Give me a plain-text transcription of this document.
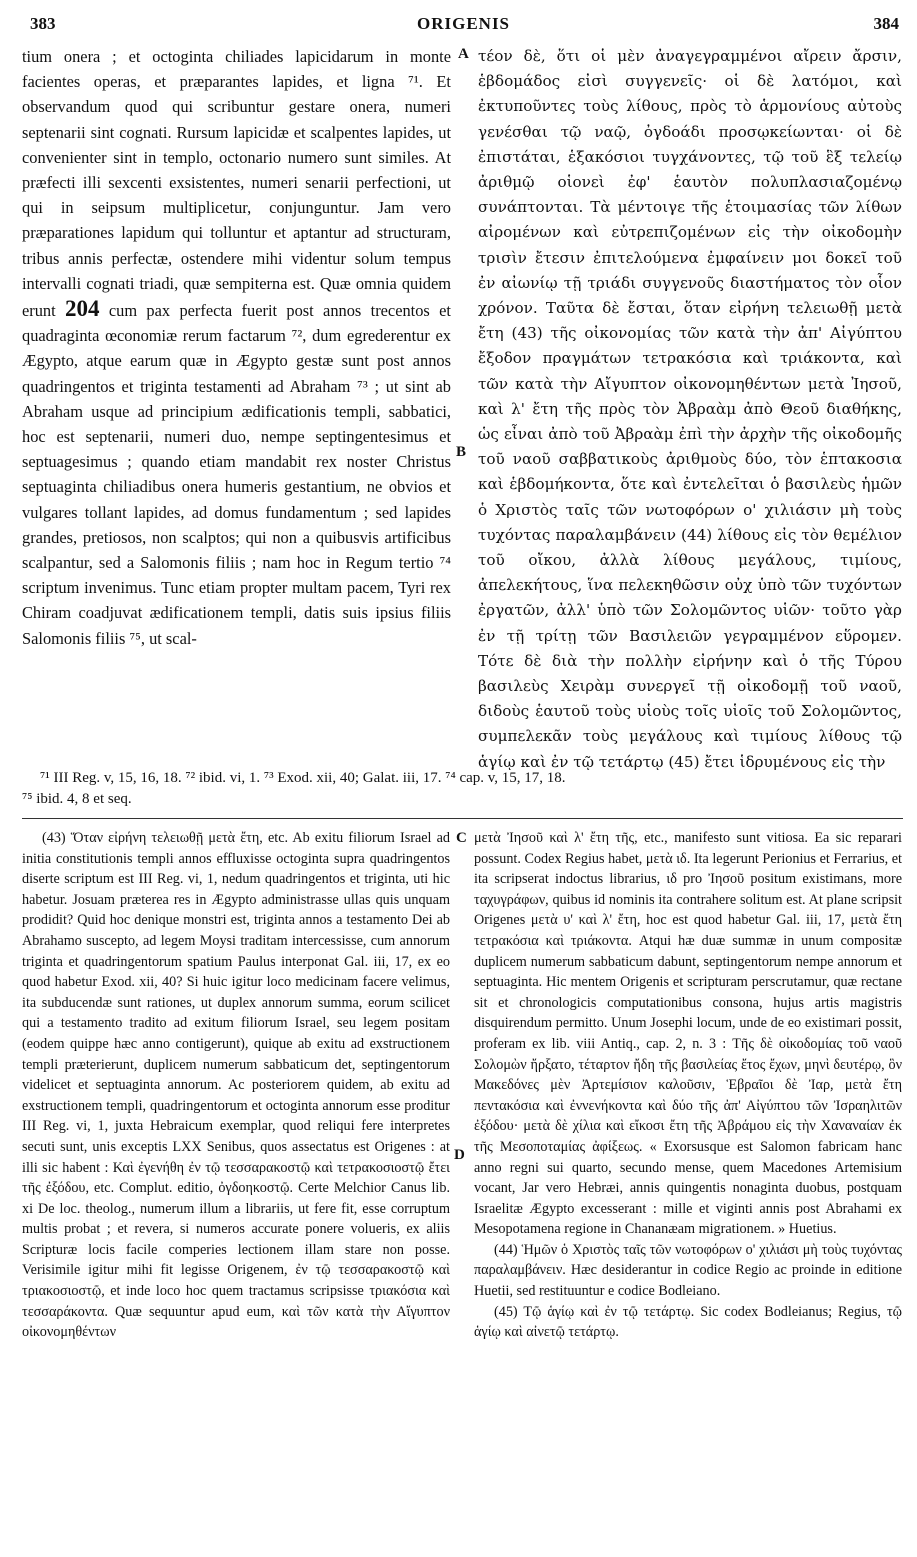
383	ORIGENIS	384

tium onera ; et octoginta chiliades lapicidarum in monte facientes operas, et præparantes lapides, et ligna ⁷¹. Et observandum quod qui scribuntur gestare onera, numeri septenarii sint cognati. Rursum lapicidæ et scalpentes lapides, ut convenienter sint in templo, octonario numero sunt similes. At præfecti illi sexcenti exsistentes, numeri senarii perfectioni, ut qui in seipsum multiplicetur, conjunguntur. Jam vero præparationes lapidum qui tolluntur et aptantur ad structuram, tribus annis perfectæ, ostendere mihi videntur solum tempus intervalli cognati triadi, quæ sempiterna est. Quæ omnia quidem erunt 204 cum pax perfecta fuerit post annos trecentos et quadraginta œconomiæ rerum factarum ⁷², dum egrederentur ex Ægypto, atque earum quæ in Ægypto gestæ sunt post annos quadringentos et triginta testamenti ad Abraham ⁷³ ; ut sint ab Abraham usque ad principium ædificationis templi, sabbatici, hoc est septenarii, numeri duo, nempe septingentesimus et septuagesimus ; quando etiam mandabit rex noster Christus septuaginta chiliadibus onera humeris gestantium, ne obvios et vulgares tollant lapides, ad domus fundamentum ; sed lapides grandes, pretiosos, non scalptos; qui non a quibusvis artificibus scalpantur, sed a Salomonis filiis ; nam hoc in Regum tertio ⁷⁴ scriptum invenimus. Tunc etiam propter multam pacem, Tyri rex Chiram coadjuvat ædificationem templi, datis suis ipsius filiis Salomonis filiis ⁷⁵, ut scal-

A
B

τέον δὲ, ὅτι οἱ μὲν ἀναγεγραμμένοι αἴρειν ἄρσιν, ἑβδομάδος εἰσὶ συγγενεῖς· οἱ δὲ λατόμοι, καὶ ἐκτυποῦντες τοὺς λίθους, πρὸς τὸ ἁρμονίους αὐτοὺς γενέσθαι τῷ ναῷ, ὀγδοάδι προσῳκείωνται· οἱ δὲ ἐπιστάται, ἑξακόσιοι τυγχάνοντες, τῷ τοῦ ἓξ τελείῳ ἀριθμῷ οἱονεὶ ἐφ' ἑαυτὸν πολυπλασιαζομένῳ συνάπτονται. Τὰ μέντοιγε τῆς ἑτοιμασίας τῶν λίθων αἰρομένων καὶ εὐτρεπιζομένων εἰς τὴν οἰκοδομὴν τρισὶν ἔτεσιν ἐπιτελούμενα ἐμφαίνειν μοι δοκεῖ τοῦ ἐν αἰωνίῳ τῇ τριάδι συγγενοῦς διαστήματος τὸν οἷον χρόνον. Ταῦτα δὲ ἔσται, ὅταν εἰρήνη τελειωθῇ μετὰ ἔτη (43) τῆς οἰκονομίας τῶν κατὰ τὴν ἀπ' Αἰγύπτου ἔξοδον πραγμάτων τετρακόσια καὶ τριάκοντα, καὶ τῶν κατὰ τὴν Αἴγυπτον οἰκονομηθέντων μετὰ Ἰησοῦ, καὶ λ' ἔτη τῆς πρὸς τὸν Ἀβραὰμ ἀπὸ Θεοῦ διαθήκης, ὡς εἶναι ἀπὸ τοῦ Ἀβραὰμ ἐπὶ τὴν ἀρχὴν τῆς οἰκοδομῆς τοῦ ναοῦ σαββατικοὺς ἀριθμοὺς δύο, τὸν ἑπτακοσια καὶ ἑβδομήκοντα, ὅτε καὶ ἐντελεῖται ὁ βασιλεὺς ἡμῶν ὁ Χριστὸς ταῖς τῶν νωτοφόρων ο' χιλιάσιν μὴ τοὺς τυχόντας παραλαμβάνειν (44) λίθους εἰς τὸν θεμέλιον τοῦ οἴκου, ἀλλὰ λίθους μεγάλους, τιμίους, ἀπελεκήτους, ἵνα πελεκηθῶσιν οὐχ ὑπὸ τῶν τυχόντων ἐργατῶν, ἀλλ' ὑπὸ τῶν Σολομῶντος υἱῶν· τοῦτο γὰρ ἐν τῇ τρίτῃ τῶν Βασιλειῶν γεγραμμένον εὕρομεν. Τότε δὲ διὰ τὴν πολλὴν εἰρήνην καὶ ὁ τῆς Τύρου βασιλεὺς Χειρὰμ συνεργεῖ τῇ οἰκοδομῇ τοῦ ναοῦ, διδοὺς ἑαυτοῦ τοὺς υἱοὺς τοῖς υἱοῖς τοῦ Σολομῶντος, συμπελεκᾶν τοὺς μεγάλους καὶ τιμίους λίθους τῷ ἁγίῳ καὶ ἐν τῷ τετάρτῳ (45) ἔτει ἱδρυμένους εἰς τὴν

⁷¹ III Reg. v, 15, 16, 18. ⁷² ibid. vi, 1. ⁷³ Exod. xii, 40; Galat. iii, 17. ⁷⁴ cap. v, 15, 17, 18.

⁷⁵ ibid. 4, 8 et seq.

(43) Ὅταν εἰρήνη τελειωθῇ μετὰ ἔτη, etc. Ab exitu filiorum Israel ad initia constitutionis templi annos effluxisse octoginta supra quadringentos diserte scriptum est III Reg. vi, 1, nedum quadringentos et triginta, uti hic habetur. Josuam præterea res in Ægypto administrasse ullas quis unquam prodidit? Quid hoc denique monstri est, triginta annos a testamento Dei ab Abrahamo suscepto, ad legem Moysi traditam intercessisse, cum annorum triginta et quadringentorum spatium Paulus interponat Gal. iii, 17, ex eo quod habetur Exod. xii, 40? Si huic igitur loco medicinam facere velimus, ita subducendæ sunt rationes, ut duplex annorum summa, eorum scilicet qui a testamento tradito ad exitum filiorum Israel, seu legem positam (eodem quippe hæc anno contigerunt), quique ab exitu ad exstructionem templi præterierunt, duplicem numerum sabbaticum det, septingentorum videlicet et septuaginta annorum. Ac posteriorem quidem, ab exitu ad exstructionem templi, quadringentorum et octoginta annorum esse proditur III Reg. vi, 1, juxta Hebraicum exemplar, quod reliqui fere interpretes secuti sunt, unis exceptis LXX Senibus, quos assectatus est Origenes : at illi sic habent : Καὶ ἐγενήθη ἐν τῷ τεσσαρακοστῷ καὶ τετρακοσιοστῷ ἔτει τῆς ἐξόδου, etc. Complut. editio, ὀγδοηκοστῷ. Certe Melchior Canus lib. xi De loc. theolog., numerum illum a librariis, ut fere fit, esse corruptum multis probat ; et revera, si numeros accurate ponere volueris, ex aliis Scripturæ locis facile comperies lectionem illam stare non posse. Verisimile igitur mihi fit legisse Origenem, ἐν τῷ τεσσαρακοστῷ καὶ τριακοσιοστῷ, et inde loco hoc quem tractamus scripsisse τριακόσια καὶ τεσσαράκοντα. Quæ sequuntur apud eum, καὶ τῶν κατὰ τὴν Αἴγυπτον οἰκονομηθέντων

C
D

μετὰ Ἰησοῦ καὶ λ' ἔτη τῆς, etc., manifesto sunt vitiosa. Ea sic reparari possunt. Codex Regius habet, μετὰ ιδ. Ita legerunt Perionius et Ferrarius, et ita scripserat indoctus librarius, ιδ pro Ἰησοῦ positum existimans, more ταχυγράφων, quibus id nominis ita contrahere solitum est. At plane scripsit Origenes μετὰ υ' καὶ λ' ἔτη, hoc est quod habetur Gal. iii, 17, μετὰ ἔτη τετρακόσια καὶ τριάκοντα. Atqui hæ duæ summæ in unum compositæ duplicem numerum sabbaticum dabunt, septingentorum nempe annorum et septuaginta. Hic mentem Origenis et scripturam perscrutamur, quæ rectane sit et chronologicis computationibus consona, hujus artis magistris disquirendum permitto. Unum Josephi locum, unde de eo existimari possit, proferam ex lib. viii Antiq., cap. 2, n. 3 : Τῆς δὲ οἰκοδομίας τοῦ ναοῦ Σολομὼν ἤρξατο, τέταρτον ἤδη τῆς βασιλείας ἔτος ἔχων, μηνὶ δευτέρῳ, ὃν Μακεδόνες μὲν Ἀρτεμίσιον καλοῦσιν, Ἑβραῖοι δὲ Ἰαρ, μετὰ ἔτη πεντακόσια καὶ ἐννενήκοντα καὶ δύο τῆς ἀπ' Αἰγύπτου τῶν Ἰσραηλιτῶν ἐξόδου· μετὰ δὲ χίλια καὶ εἴκοσι ἔτη τῆς Ἀβράμου εἰς τὴν Χαναναίαν ἐκ τῆς Μεσοποταμίας ἀφίξεως. « Exorsusque est Salomon fabricam hanc anno regni sui quarto, secundo mense, quem Macedones Artemisium vocant, Jar vero Hebræi, annis quingentis nonaginta duobus, postquam Israelitæ Ægypto excesserant : mille et viginti annis post Abrahami ex Mesopotamena regione in Chananæam migrationem. » Huetius.

(44) Ἡμῶν ὁ Χριστὸς ταῖς τῶν νωτοφόρων ο' χιλιάσι μὴ τοὺς τυχόντας παραλαμβάνειν. Hæc desiderantur in codice Regio ac proinde in editione Huetii, sed restituuntur e codice Bodleiano.

(45) Τῷ ἁγίῳ καὶ ἐν τῷ τετάρτῳ. Sic codex Bodleianus; Regius, τῷ ἁγίῳ καὶ αἰνετῷ τετάρτῳ.
